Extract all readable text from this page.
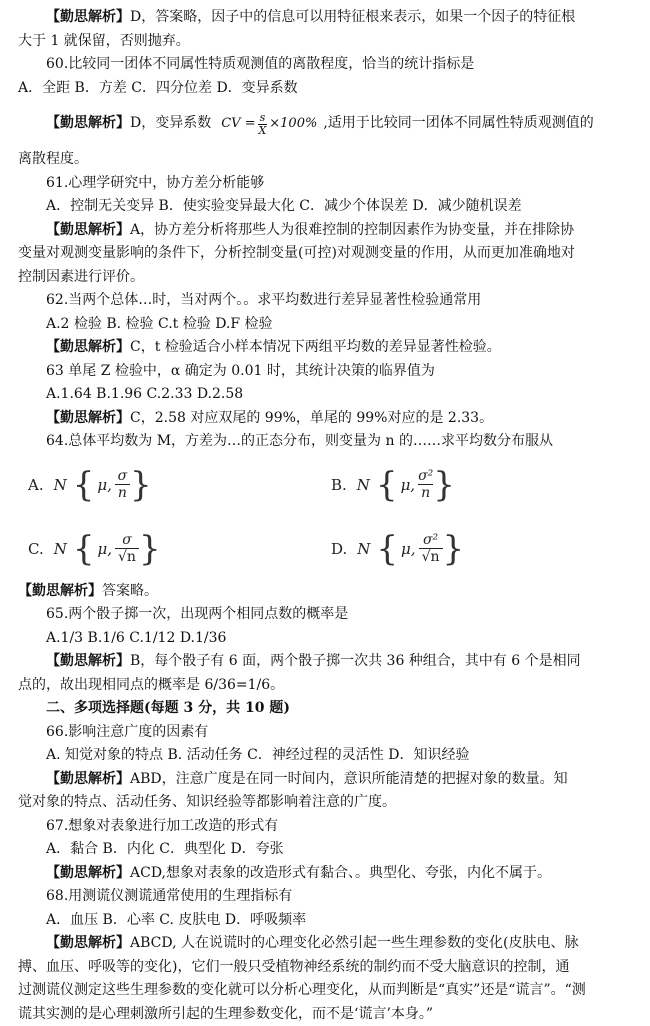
【勤思解析】D，答案略，因子中的信息可以用特征根来表示，如果一个因子的特征根
大于 1 就保留，否则抛弃。
60.比较同一团体不同属性特质观测值的离散程度，恰当的统计指标是
A．全距 B．方差 C．四分位差 D．变异系数
【勤思解析】 D，变异系数 CV = $\frac{s}{X} \times 100\%$ ,适用于比较同一团体不同属性特质观测值的
离散程度。
61.心理学研究中，协方差分析能够
A．控制无关变异 B．使实验变异最大化 C．减少个体误差 D．减少随机误差
【勤思解析】A，协方差分析将那些人为很难控制的控制因素作为协变量，并在排除协
变量对观测变量影响的条件下，分析控制变量(可控)对观测变量的作用，从而更加准确地对
控制因素进行评价。
62.当两个总体…时，当对两个。。求平均数进行差异显著性检验通常用
A.2 检验 B. 检验 C.t 检验 D.F 检验
【勤思解析】C，t 检验适合小样本情况下两组平均数的差异显著性检验。
63 单尾 Z 检验中，α 确定为 0.01 时，其统计决策的临界值为
A.1.64 B.1.96 C.2.33 D.2.58
【勤思解析】C，2.58 对应双尾的 99%，单尾的 99%对应的是 2.33。
64.总体平均数为 M，方差为…的正态分布，则变量为 n 的……求平均数分布服从
A. N { μ, σ
n }	B. N { μ, σ²
n }
C. N { μ, σ
√n }	D. N { μ, σ²
√n }
【勤思解析】答案略。
65.两个骰子掷一次，出现两个相同点数的概率是
A.1/3 B.1/6 C.1/12 D.1/36
【勤思解析】B，每个骰子有 6 面，两个骰子掷一次共 36 种组合，其中有 6 个是相同
点的，故出现相同点的概率是 6/36=1/6。
二、多项选择题(每题 3 分，共 10 题)
66.影响注意广度的因素有
A. 知觉对象的特点 B. 活动任务 C．神经过程的灵活性 D．知识经验
【勤思解析】ABD，注意广度是在同一时间内，意识所能清楚的把握对象的数量。知
觉对象的特点、活动任务、知识经验等都影响着注意的广度。
67.想象对表象进行加工改造的形式有
A．黏合 B．内化 C．典型化 D．夸张
【勤思解析】ACD,想象对表象的改造形式有黏合、。典型化、夸张，内化不属于。
68.用测谎仪测谎通常使用的生理指标有
A．血压 B．心率 C. 皮肤电 D．呼吸频率
【勤思解析】ABCD, 人在说谎时的心理变化必然引起一些生理参数的变化(皮肤电、脉
搏、血压、呼吸等的变化)，它们一般只受植物神经系统的制约而不受大脑意识的控制，通
过测谎仪测定这些生理参数的变化就可以分析心理变化，从而判断是“真实”还是“谎言”。“测
谎其实测的是心理刺激所引起的生理参数变化，而不是‘谎言’本身。”
